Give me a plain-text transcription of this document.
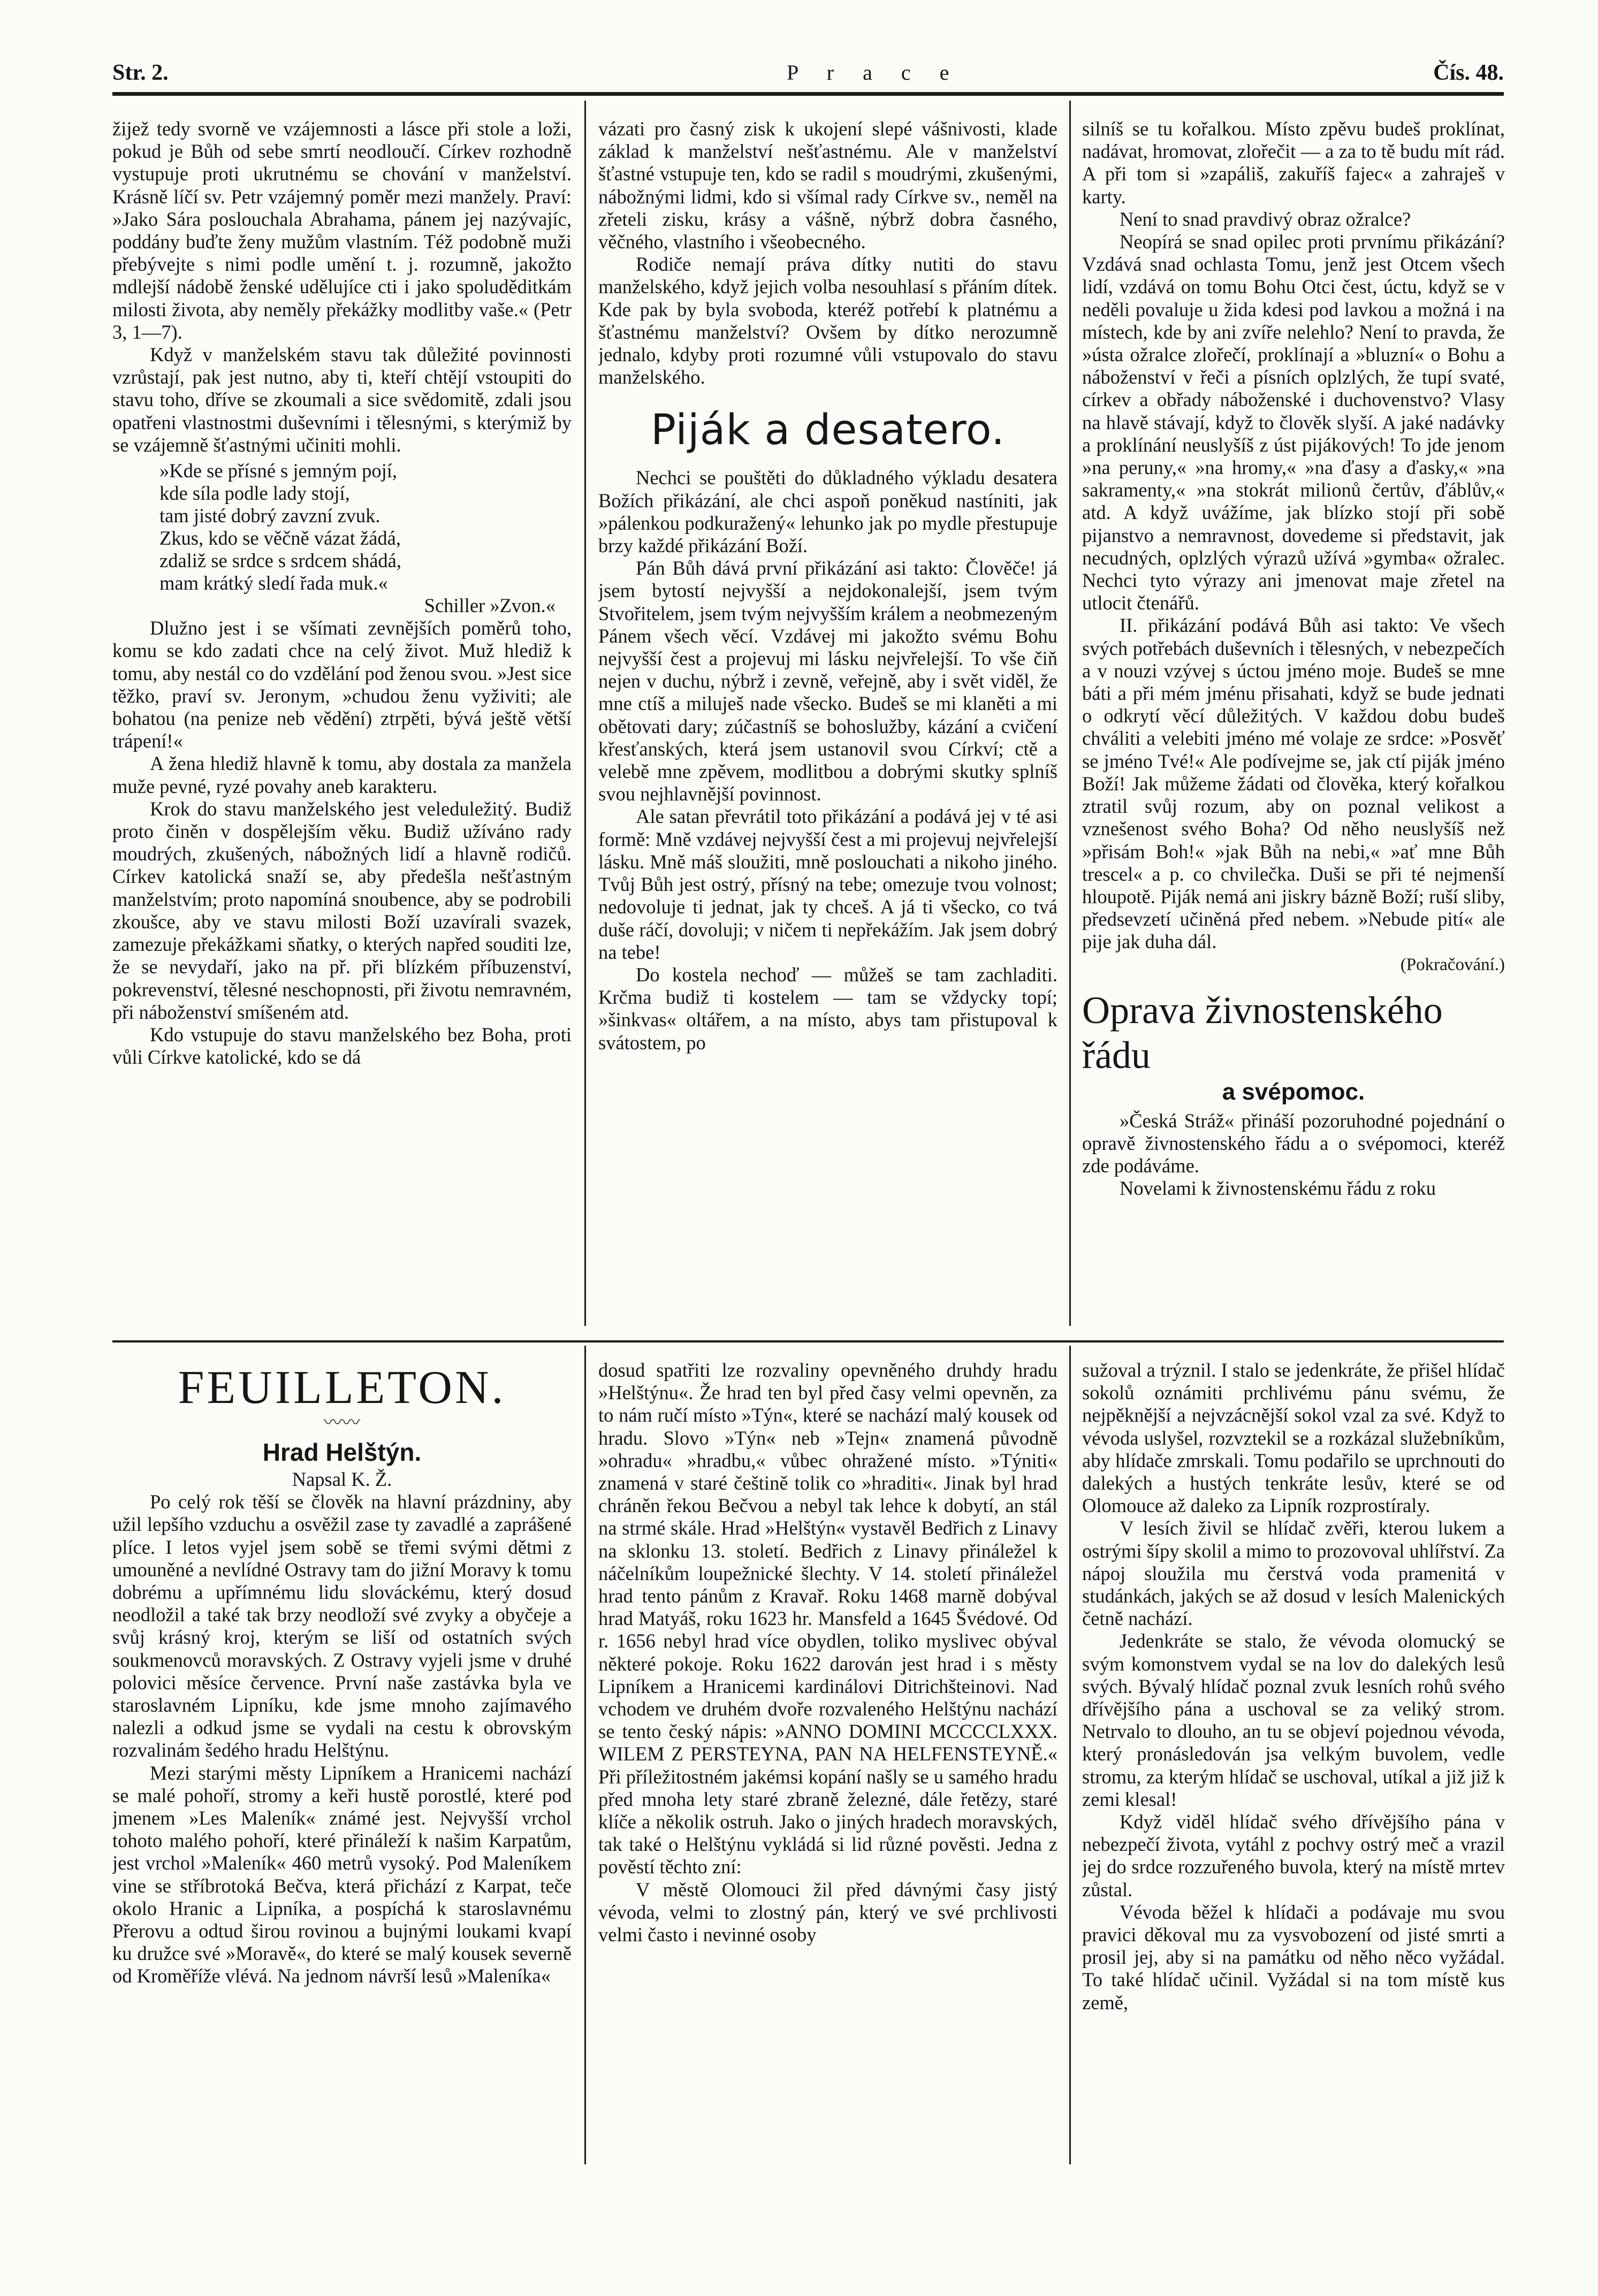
Str. 2.	P r a c e	Čís. 48.

žijež tedy svorně ve vzájemnosti a lásce při stole a loži, pokud je Bůh od sebe smrtí neodloučí. Církev rozhodně vystupuje proti ukrutnému se chování v manželství. Krásně líčí sv. Petr vzájemný poměr mezi manžely. Praví: »Jako Sára poslouchala Abrahama, pánem jej nazývajíc, poddány buďte ženy mužům vlastním. Též podobně muži přebývejte s nimi podle umění t. j. rozumně, jakožto mdlejší nádobě ženské udělujíce cti i jako spoluděditkám milosti života, aby neměly překážky modlitby vaše.« (Petr 3, 1—7).

Když v manželském stavu tak důležité povinnosti vzrůstají, pak jest nutno, aby ti, kteří chtějí vstoupiti do stavu toho, dříve se zkoumali a sice svědomitě, zdali jsou opatřeni vlastnostmi duševními i tělesnými, s kterýmiž by se vzájemně šťastnými učiniti mohli.

»Kde se přísné s jemným pojí,
kde síla podle lady stojí,
tam jisté dobrý zavzní zvuk.
Zkus, kdo se věčně vázat žádá,
zdaliž se srdce s srdcem shádá,
mam krátký sledí řada muk.«

Schiller »Zvon.«

Dlužno jest i se všímati zevnějších poměrů toho, komu se kdo zadati chce na celý život. Muž hlediž k tomu, aby nestál co do vzdělání pod ženou svou. »Jest sice těžko, praví sv. Jeronym, »chudou ženu vyživiti; ale bohatou (na penize neb vědění) ztrpěti, bývá ještě větší trápení!«

A žena hlediž hlavně k tomu, aby dostala za manžela muže pevné, ryzé povahy aneb karakteru.

Krok do stavu manželského jest veleduležitý. Budiž proto činěn v dospělejším věku. Budiž užíváno rady moudrých, zkušených, nábožných lidí a hlavně rodičů. Církev katolická snaží se, aby předešla nešťastným manželstvím; proto napomíná snoubence, aby se podrobili zkoušce, aby ve stavu milosti Boží uzavírali svazek, zamezuje překážkami sňatky, o kterých napřed souditi lze, že se nevydaří, jako na př. při blízkém příbuzenství, pokrevenství, tělesné neschopnosti, při životu nemravném, při náboženství smíšeném atd.

Kdo vstupuje do stavu manželského bez Boha, proti vůli Církve katolické, kdo se dá

vázati pro časný zisk k ukojení slepé vášnivosti, klade základ k manželství nešťastnému. Ale v manželství šťastné vstupuje ten, kdo se radil s moudrými, zkušenými, nábožnými lidmi, kdo si všímal rady Církve sv., neměl na zřeteli zisku, krásy a vášně, nýbrž dobra časného, věčného, vlastního i všeobecného.

Rodiče nemají práva dítky nutiti do stavu manželského, když jejich volba nesouhlasí s přáním dítek. Kde pak by byla svoboda, kteréž potřebí k platnému a šťastnému manželství? Ovšem by dítko nerozumně jednalo, kdyby proti rozumné vůli vstupovalo do stavu manželského.

Piják a desatero.

Nechci se pouštěti do důkladného výkladu desatera Božích přikázání, ale chci aspoň poněkud nastíniti, jak »pálenkou podkuražený« lehunko jak po mydle přestupuje brzy každé přikázání Boží.

Pán Bůh dává první přikázání asi takto: Člověče! já jsem bytostí nejvyšší a nejdokonalejší, jsem tvým Stvořitelem, jsem tvým nejvyšším králem a neobmezeným Pánem všech věcí. Vzdávej mi jakožto svému Bohu nejvyšší čest a projevuj mi lásku nejvřelejší. To vše čiň nejen v duchu, nýbrž i zevně, veřejně, aby i svět viděl, že mne ctíš a miluješ nade všecko. Budeš se mi klaněti a mi obětovati dary; zúčastníš se bohoslužby, kázání a cvičení křesťanských, která jsem ustanovil svou Církví; ctě a velebě mne zpěvem, modlitbou a dobrými skutky splníš svou nejhlavnější povinnost.

Ale satan převrátil toto přikázání a podává jej v té asi formě: Mně vzdávej nejvyšší čest a mi projevuj nejvřelejší lásku. Mně máš sloužiti, mně poslouchati a nikoho jiného. Tvůj Bůh jest ostrý, přísný na tebe; omezuje tvou volnost; nedovoluje ti jednat, jak ty chceš. A já ti všecko, co tvá duše ráčí, dovoluji; v ničem ti nepřekážím. Jak jsem dobrý na tebe!

Do kostela nechoď — můžeš se tam zachladiti. Krčma budiž ti kostelem — tam se vždycky topí; »šinkvas« oltářem, a na místo, abys tam přistupoval k svátostem, po

silníš se tu kořalkou. Místo zpěvu budeš proklínat, nadávat, hromovat, zlořečit — a za to tě budu mít rád. A při tom si »zapáliš, zakuříš fajec« a zahraješ v karty.

Není to snad pravdivý obraz ožralce?

Neopírá se snad opilec proti prvnímu přikázání? Vzdává snad ochlasta Tomu, jenž jest Otcem všech lidí, vzdává on tomu Bohu Otci čest, úctu, když se v neděli povaluje u žida kdesi pod lavkou a možná i na místech, kde by ani zvíře nelehlo? Není to pravda, že »ústa ožralce zlořečí, proklínají a »bluzní« o Bohu a náboženství v řeči a písních oplzlých, že tupí svaté, církev a obřady náboženské i duchovenstvo? Vlasy na hlavě stávají, když to člověk slyší. A jaké nadávky a proklínání neuslyšíš z úst pijákových! To jde jenom »na peruny,« »na hromy,« »na ďasy a ďasky,« »na sakramenty,« »na stokrát milionů čertův, ďáblův,« atd. A když uvážíme, jak blízko stojí při sobě pijanstvo a nemravnost, dovedeme si představit, jak necudných, oplzlých výrazů užívá »gymba« ožralec. Nechci tyto výrazy ani jmenovat maje zřetel na utlocit čtenářů.

II. přikázání podává Bůh asi takto: Ve všech svých potřebách duševních i tělesných, v nebezpečích a v nouzi vzývej s úctou jméno moje. Budeš se mne báti a při mém jménu přisahati, když se bude jednati o odkrytí věcí důležitých. V každou dobu budeš chváliti a velebiti jméno mé volaje ze srdce: »Posvěť se jméno Tvé!« Ale podívejme se, jak ctí piják jméno Boží! Jak můžeme žádati od člověka, který kořalkou ztratil svůj rozum, aby on poznal velikost a vznešenost svého Boha? Od něho neuslyšíš než »přisám Boh!« »jak Bůh na nebi,« »ať mne Bůh trescel« a p. co chvilečka. Duši se při té nejmenší hloupotě. Piják nemá ani jiskry bázně Boží; ruší sliby, předsevzetí učiněná před nebem. »Nebude pití« ale pije jak duha dál.

(Pokračování.)

Oprava živnostenského řádu
a svépomoc.

»Česká Stráž« přináší pozoruhodné pojednání o opravě živnostenského řádu a o svépomoci, kteréž zde podáváme.

Novelami k živnostenskému řádu z roku

FEUILLETON.
〰〰
Hrad Helštýn.
Napsal K. Ž.

Po celý rok těší se člověk na hlavní prázdniny, aby užil lepšího vzduchu a osvěžil zase ty zavadlé a zaprášené plíce. I letos vyjel jsem sobě se třemi svými dětmi z umouněné a nevlídné Ostravy tam do jižní Moravy k tomu dobrému a upřímnému lidu slováckému, který dosud neodložil a také tak brzy neodloží své zvyky a obyčeje a svůj krásný kroj, kterým se liší od ostatních svých soukmenovců moravských. Z Ostravy vyjeli jsme v druhé polovici měsíce července. První naše zastávka byla ve staroslavném Lipníku, kde jsme mnoho zajímavého nalezli a odkud jsme se vydali na cestu k obrovským rozvalinám šedého hradu Helštýnu.

Mezi starými městy Lipníkem a Hranicemi nachází se malé pohoří, stromy a keři hustě porostlé, které pod jmenem »Les Maleník« známé jest. Nejvyšší vrchol tohoto malého pohoří, které přináleží k našim Karpatům, jest vrchol »Maleník« 460 metrů vysoký. Pod Maleníkem vine se stříbrotoká Bečva, která přichází z Karpat, teče okolo Hranic a Lipníka, a pospíchá k staroslavnému Přerovu a odtud širou rovinou a bujnými loukami kvapí ku družce své »Moravě«, do které se malý kousek severně od Kroměříže vlévá. Na jednom návrší lesů »Maleníka«

dosud spatřiti lze rozvaliny opevněného druhdy hradu »Helštýnu«. Že hrad ten byl před časy velmi opevněn, za to nám ručí místo »Týn«, které se nachází malý kousek od hradu. Slovo »Týn« neb »Tejn« znamená původně »ohradu« »hradbu,« vůbec ohražené místo. »Týniti« znamená v staré češtině tolik co »hraditi«. Jinak byl hrad chráněn řekou Bečvou a nebyl tak lehce k dobytí, an stál na strmé skále. Hrad »Helštýn« vystavěl Bedřich z Linavy na sklonku 13. století. Bedřich z Linavy přináležel k náčelníkům loupežnické šlechty. V 14. století přináležel hrad tento pánům z Kravař. Roku 1468 marně dobýval hrad Matyáš, roku 1623 hr. Mansfeld a 1645 Švédové. Od r. 1656 nebyl hrad více obydlen, toliko myslivec obýval některé pokoje. Roku 1622 darován jest hrad i s městy Lipníkem a Hranicemi kardinálovi Ditrichšteinovi. Nad vchodem ve druhém dvoře rozvaleného Helštýnu nachází se tento český nápis: »ANNO DOMINI MCCCCLXXX. WILEM Z PERSTEYNA, PAN NA HELFENSTEYNĚ.« Při příležitostném jakémsi kopání našly se u samého hradu před mnoha lety staré zbraně železné, dále řetězy, staré klíče a několik ostruh. Jako o jiných hradech moravských, tak také o Helštýnu vykládá si lid různé pověsti. Jedna z pověstí těchto zní:

V městě Olomouci žil před dávnými časy jistý vévoda, velmi to zlostný pán, který ve své prchlivosti velmi často i nevinné osoby

sužoval a trýznil. I stalo se jedenkráte, že přišel hlídač sokolů oznámiti prchlivému pánu svému, že nejpěknější a nejvzácnější sokol vzal za své. Když to vévoda uslyšel, rozvztekil se a rozkázal služebníkům, aby hlídače zmrskali. Tomu podařilo se uprchnouti do dalekých a hustých tenkráte lesův, které se od Olomouce až daleko za Lipník rozprostíraly.

V lesích živil se hlídač zvěři, kterou lukem a ostrými šípy skolil a mimo to prozovoval uhlířství. Za nápoj sloužila mu čerstvá voda pramenitá v studánkách, jakých se až dosud v lesích Malenických četně nachází.

Jedenkráte se stalo, že vévoda olomucký se svým komonstvem vydal se na lov do dalekých lesů svých. Bývalý hlídač poznal zvuk lesních rohů svého dřívějšího pána a uschoval se za veliký strom. Netrvalo to dlouho, an tu se objeví pojednou vévoda, který pronásledován jsa velkým buvolem, vedle stromu, za kterým hlídač se uschoval, utíkal a již již k zemi klesal!

Když viděl hlídač svého dřívějšího pána v nebezpečí života, vytáhl z pochvy ostrý meč a vrazil jej do srdce rozzuřeného buvola, který na místě mrtev zůstal.

Vévoda běžel k hlídači a podávaje mu svou pravici děkoval mu za vysvobození od jisté smrti a prosil jej, aby si na památku od něho něco vyžádal. To také hlídač učinil. Vyžádal si na tom místě kus země,
